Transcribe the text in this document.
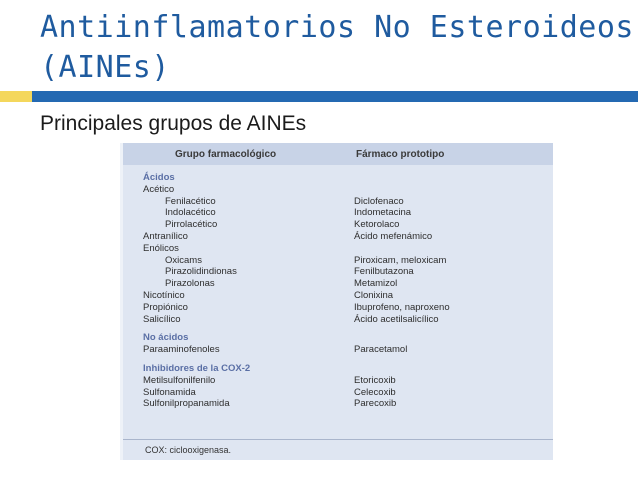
Antiinflamatorios No Esteroideos
(AINEs)
Principales grupos de AINEs
Grupo farmacológico	Fármaco prototipo
Ácidos
Acético
Fenilacético	Diclofenaco
Indolacético	Indometacina
Pirrolacético	Ketorolaco
Antranílico	Ácido mefenámico
Enólicos
Oxicams	Piroxicam, meloxicam
Pirazolidindionas	Fenilbutazona
Pirazolonas	Metamizol
Nicotínico	Clonixina
Propiónico	Ibuprofeno, naproxeno
Salicílico	Ácido acetilsalicílico
No ácidos
Paraaminofenoles	Paracetamol
Inhibidores de la COX-2
Metilsulfonilfenilo	Etoricoxib
Sulfonamida	Celecoxib
Sulfonilpropanamida	Parecoxib
COX: ciclooxigenasa.
